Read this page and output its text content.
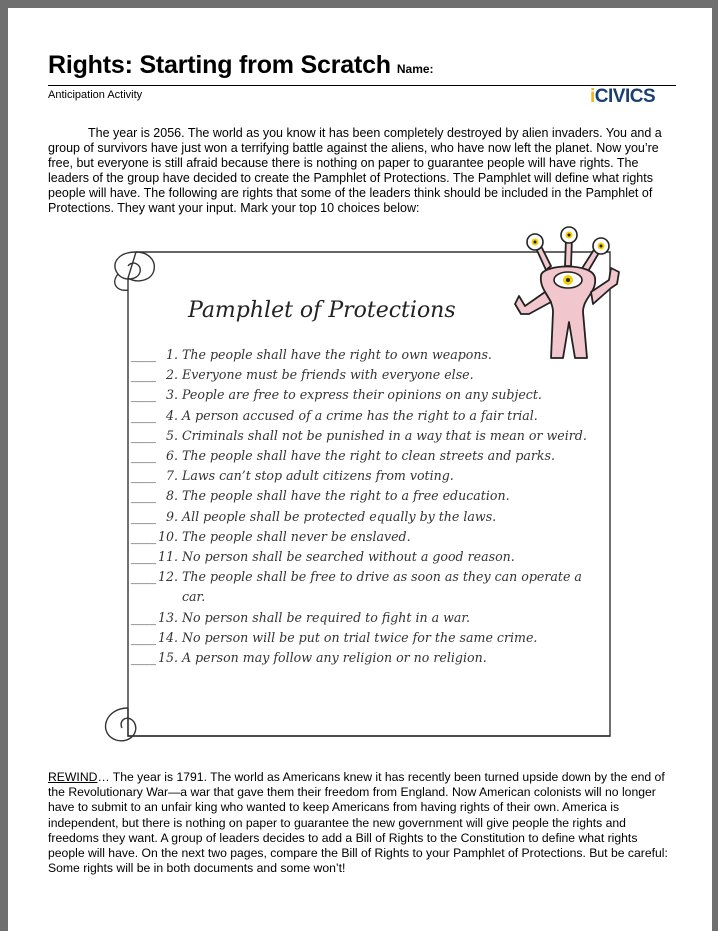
Rights: Starting from Scratch Name:
Anticipation Activity	iCIVICS
The year is 2056. The world as you know it has been completely destroyed by alien invaders. You and a group of survivors have just won a terrifying battle against the aliens, who have now left the planet. Now you’re free, but everyone is still afraid because there is nothing on paper to guarantee people will have rights. The leaders of the group have decided to create the Pamphlet of Protections. The Pamphlet will define what rights people will have. The following are rights that some of the leaders think should be included in the Pamphlet of Protections. They want your input. Mark your top 10 choices below:
Pamphlet of Protections
____ 1. The people shall have the right to own weapons.
____ 2. Everyone must be friends with everyone else.
____ 3. People are free to express their opinions on any subject.
____ 4. A person accused of a crime has the right to a fair trial.
____ 5. Criminals shall not be punished in a way that is mean or weird.
____ 6. The people shall have the right to clean streets and parks.
____ 7. Laws can’t stop adult citizens from voting.
____ 8. The people shall have the right to a free education.
____ 9. All people shall be protected equally by the laws.
____ 10. The people shall never be enslaved.
____ 11. No person shall be searched without a good reason.
____ 12. The people shall be free to drive as soon as they can operate a car.
____ 13. No person shall be required to fight in a war.
____ 14. No person will be put on trial twice for the same crime.
____ 15. A person may follow any religion or no religion.
REWIND… The year is 1791. The world as Americans knew it has recently been turned upside down by the end of the Revolutionary War—a war that gave them their freedom from England. Now American colonists will no longer have to submit to an unfair king who wanted to keep Americans from having rights of their own. America is independent, but there is nothing on paper to guarantee the new government will give people the rights and freedoms they want. A group of leaders decides to add a Bill of Rights to the Constitution to define what rights people will have. On the next two pages, compare the Bill of Rights to your Pamphlet of Protections. But be careful: Some rights will be in both documents and some won’t!
